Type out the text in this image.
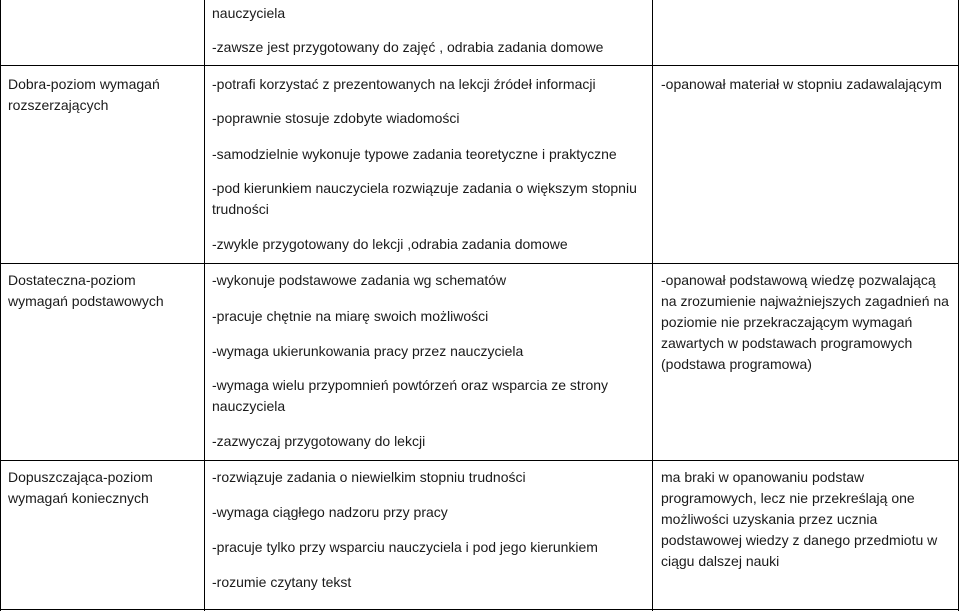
nauczyciela

-zawsze jest przygotowany do zajęć , odrabia zadania domowe

Dobra-poziom wymagań rozszerzających

-potrafi korzystać z prezentowanych na lekcji źródeł informacji

-poprawnie stosuje zdobyte wiadomości

-samodzielnie wykonuje typowe zadania teoretyczne i praktyczne

-pod kierunkiem nauczyciela rozwiązuje zadania o większym stopniu trudności

-zwykle przygotowany do lekcji ,odrabia zadania domowe

-opanował materiał w stopniu zadawalającym

Dostateczna-poziom wymagań podstawowych

-wykonuje podstawowe zadania wg schematów

-pracuje chętnie na miarę swoich możliwości

-wymaga ukierunkowania pracy przez nauczyciela

-wymaga wielu przypomnień powtórzeń oraz wsparcia ze strony nauczyciela

-zazwyczaj przygotowany do lekcji

-opanował podstawową wiedzę pozwalającą na zrozumienie najważniejszych zagadnień na poziomie nie przekraczającym wymagań zawartych w podstawach programowych (podstawa programowa)

Dopuszczająca-poziom wymagań koniecznych

-rozwiązuje zadania o niewielkim stopniu trudności

-wymaga ciągłego nadzoru przy pracy

-pracuje tylko przy wsparciu nauczyciela i pod jego kierunkiem

-rozumie czytany tekst

ma braki w opanowaniu podstaw programowych, lecz nie przekreślają one możliwości uzyskania przez ucznia podstawowej wiedzy z danego przedmiotu w ciągu dalszej nauki
